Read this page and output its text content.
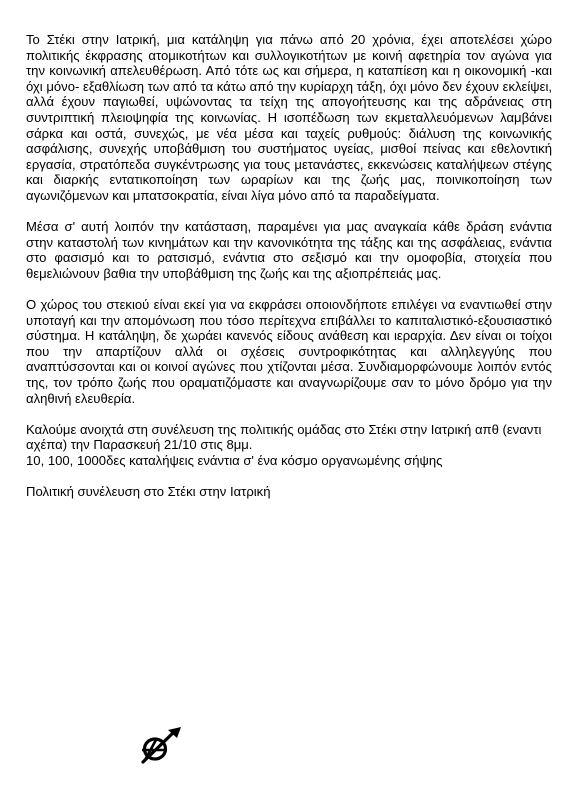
Το Στέκι στην Ιατρική, μια κατάληψη για πάνω από 20 χρόνια, έχει αποτελέσει χώρο πολιτικής έκφρασης ατομικοτήτων και συλλογικοτήτων με κοινή αφετηρία τον αγώνα για την κοινωνική απελευθέρωση. Από τότε ως και σήμερα, η καταπίεση και η οικονομική -και όχι μόνο- εξαθλίωση των από τα κάτω από την κυρίαρχη τάξη, όχι μόνο δεν έχουν εκλείψει, αλλά έχουν παγιωθεί, υψώνοντας τα τείχη της απογοήτευσης και της αδράνειας στη συντριπτική πλειοψηφία της κοινωνίας. Η ισοπέδωση των εκμεταλλευόμενων λαμβάνει σάρκα και οστά, συνεχώς, με νέα μέσα και ταχείς ρυθμούς: διάλυση της κοινωνικής ασφάλισης, συνεχής υποβάθμιση του συστήματος υγείας, μισθοί πείνας και εθελοντική εργασία, στρατόπεδα συγκέντρωσης για τους μετανάστες, εκκενώσεις καταλήψεων στέγης και διαρκής εντατικοποίηση των ωραρίων και της ζωής μας, ποινικοποίηση των αγωνιζόμενων και μπατσοκρατία, είναι λίγα μόνο από τα παραδείγματα.

Μέσα σ' αυτή λοιπόν την κατάσταση, παραμένει για μας αναγκαία κάθε δράση ενάντια στην καταστολή των κινημάτων και την κανονικότητα της τάξης και της ασφάλειας, ενάντια στο φασισμό και το ρατσισμό, ενάντια στο σεξισμό και την ομοφοβία, στοιχεία που θεμελιώνουν βαθια την υποβάθμιση της ζωής και της αξιοπρέπειάς μας.

Ο χώρος του στεκιού είναι εκεί για να εκφράσει οποιονδήποτε επιλέγει να εναντιωθεί στην υποταγή και την απομόνωση που τόσο περίτεχνα επιβάλλει το καπιταλιστικό-εξουσιαστικό σύστημα. Η κατάληψη, δε χωράει κανενός είδους ανάθεση και ιεραρχία. Δεν είναι οι τοίχοι που την απαρτίζουν αλλά οι σχέσεις συντροφικότητας και αλληλεγγύης που αναπτύσσονται και οι κοινοί αγώνες που χτίζονται μέσα. Συνδιαμορφώνουμε λοιπόν εντός της, τον τρόπο ζωής που οραματιζόμαστε και αναγνωρίζουμε σαν το μόνο δρόμο για την αληθινή ελευθερία.

Καλούμε ανοιχτά στη συνέλευση της πολιτικής ομάδας στο Στέκι στην Ιατρική απθ (εναντι αχέπα) την Παρασκευή 21/10 στις 8μμ.

10, 100, 1000δες καταλήψεις ενάντια σ' ένα κόσμο οργανωμένης σήψης

Πολιτική συνέλευση στο Στέκι στην Ιατρική
